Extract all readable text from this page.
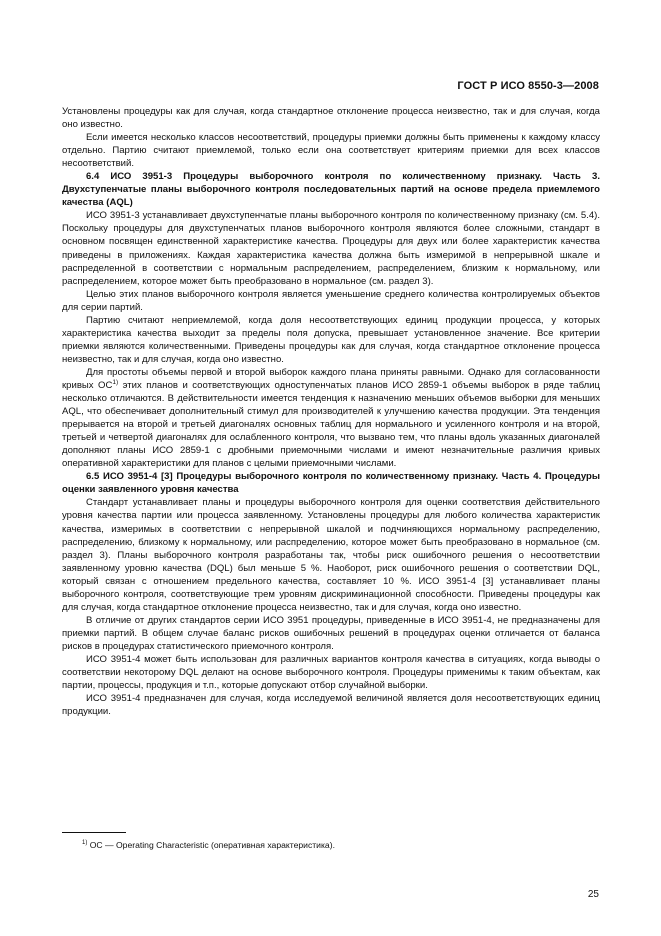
ГОСТ Р ИСО 8550-3—2008

Установлены процедуры как для случая, когда стандартное отклонение процесса неизвестно, так и для случая, когда оно известно.

Если имеется несколько классов несоответствий, процедуры приемки должны быть применены к каждому классу отдельно. Партию считают приемлемой, только если она соответствует критериям приемки для всех классов несоответствий.

6.4 ИСО 3951-3 Процедуры выборочного контроля по количественному признаку. Часть 3. Двухступенчатые планы выборочного контроля последовательных партий на основе предела приемлемого качества (AQL)

ИСО 3951-3 устанавливает двухступенчатые планы выборочного контроля по количественному признаку (см. 5.4). Поскольку процедуры для двухступенчатых планов выборочного контроля являются более сложными, стандарт в основном посвящен единственной характеристике качества. Процедуры для двух или более характеристик качества приведены в приложениях. Каждая характеристика качества должна быть измеримой в непрерывной шкале и распределенной в соответствии с нормальным распределением, распределением, близким к нормальному, или распределением, которое может быть преобразовано в нормальное (см. раздел 3).

Целью этих планов выборочного контроля является уменьшение среднего количества контролируемых объектов для серии партий.

Партию считают неприемлемой, когда доля несоответствующих единиц продукции процесса, у которых характеристика качества выходит за пределы поля допуска, превышает установленное значение. Все критерии приемки являются количественными. Приведены процедуры как для случая, когда стандартное отклонение процесса неизвестно, так и для случая, когда оно известно.

Для простоты объемы первой и второй выборок каждого плана приняты равными. Однако для согласованности кривых ОС$^{1)}$ этих планов и соответствующих одноступенчатых планов ИСО 2859-1 объемы выборок в ряде таблиц несколько отличаются. В действительности имеется тенденция к назначению меньших объемов выборки для меньших AQL, что обеспечивает дополнительный стимул для производителей к улучшению качества продукции. Эта тенденция прерывается на второй и третьей диагоналях основных таблиц для нормального и усиленного контроля и на второй, третьей и четвертой диагоналях для ослабленного контроля, что вызвано тем, что планы вдоль указанных диагоналей дополняют планы ИСО 2859-1 с дробными приемочными числами и имеют незначительные различия кривых оперативной характеристики для планов с целыми приемочными числами.

6.5 ИСО 3951-4 [3] Процедуры выборочного контроля по количественному признаку. Часть 4. Процедуры оценки заявленного уровня качества

Стандарт устанавливает планы и процедуры выборочного контроля для оценки соответствия действительного уровня качества партии или процесса заявленному. Установлены процедуры для любого количества характеристик качества, измеримых в соответствии с непрерывной шкалой и подчиняющихся нормальному распределению, распределению, близкому к нормальному, или распределению, которое может быть преобразовано в нормальное (см. раздел 3). Планы выборочного контроля разработаны так, чтобы риск ошибочного решения о несоответствии заявленному уровню качества (DQL) был меньше 5 %. Наоборот, риск ошибочного решения о соответствии DQL, который связан с отношением предельного качества, составляет 10 %. ИСО 3951-4 [3] устанавливает планы выборочного контроля, соответствующие трем уровням дискриминационной способности. Приведены процедуры как для случая, когда стандартное отклонение процесса неизвестно, так и для случая, когда оно известно.

В отличие от других стандартов серии ИСО 3951 процедуры, приведенные в ИСО 3951-4, не предназначены для приемки партий. В общем случае баланс рисков ошибочных решений в процедурах оценки отличается от баланса рисков в процедурах статистического приемочного контроля.

ИСО 3951-4 может быть использован для различных вариантов контроля качества в ситуациях, когда выводы о соответствии некоторому DQL делают на основе выборочного контроля. Процедуры применимы к таким объектам, как партии, процессы, продукция и т.п., которые допускают отбор случайной выборки.

ИСО 3951-4 предназначен для случая, когда исследуемой величиной является доля несоответствующих единиц продукции.

$^{1)}$ ОС — Operating Characteristic (оперативная характеристика).
25
